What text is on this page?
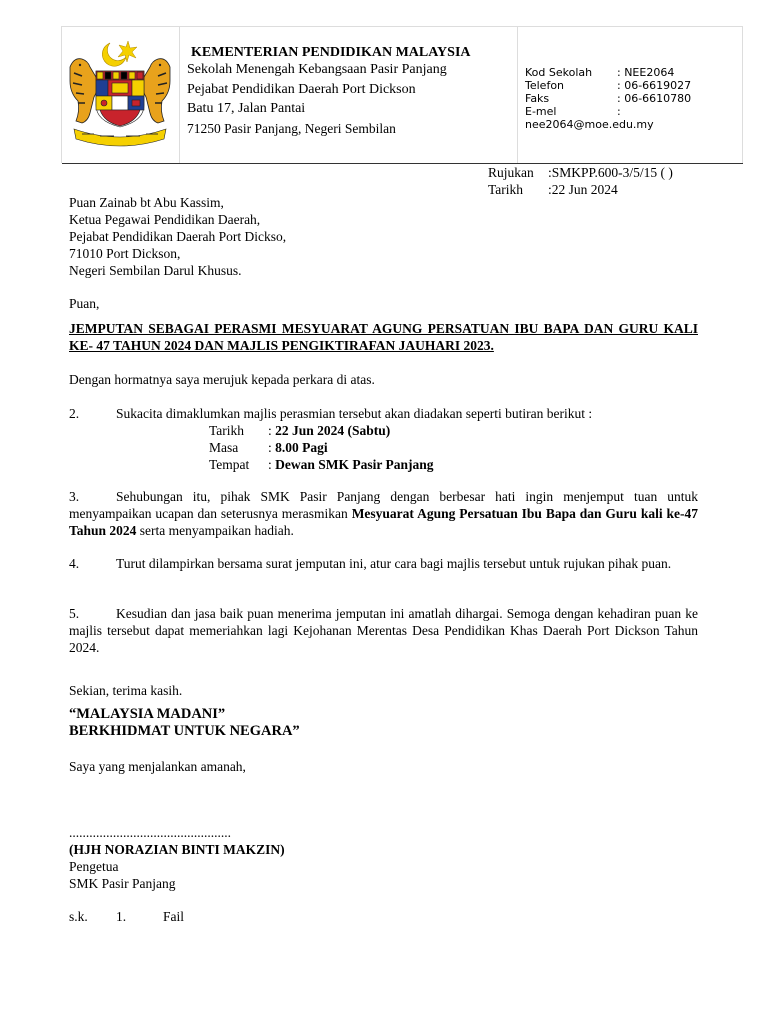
KEMENTERIAN PENDIDIKAN MALAYSIA
Sekolah Menengah Kebangsaan Pasir Panjang
Pejabat Pendidikan Daerah Port Dickson
Batu 17, Jalan Pantai
71250 Pasir Panjang, Negeri Sembilan
Kod Sekolah	: NEE2064
Telefon	: 06-6619027
Faks	: 06-6610780
E-mel	:
nee2064@moe.edu.my
Rujukan	:SMKPP.600-3/5/15 ( )
Tarikh	:22 Jun 2024
Puan Zainab bt Abu Kassim,
Ketua Pegawai Pendidikan Daerah,
Pejabat Pendidikan Daerah Port Dickso,
71010 Port Dickson,
Negeri Sembilan Darul Khusus.
Puan,
JEMPUTAN SEBAGAI PERASMI MESYUARAT AGUNG PERSATUAN IBU BAPA DAN GURU KALI KE- 47 TAHUN 2024 DAN MAJLIS PENGIKTIRAFAN JAUHARI 2023.
Dengan hormatnya saya merujuk kepada perkara di atas.
2.	Sukacita dimaklumkan majlis perasmian tersebut akan diadakan seperti butiran berikut :
Tarikh	: 22 Jun 2024 (Sabtu)
Masa	: 8.00 Pagi
Tempat	: Dewan SMK Pasir Panjang
3.	Sehubungan itu, pihak SMK Pasir Panjang dengan berbesar hati ingin menjemput tuan untuk menyampaikan ucapan dan seterusnya merasmikan Mesyuarat Agung Persatuan Ibu Bapa dan Guru kali ke-47 Tahun 2024 serta menyampaikan hadiah.
4.	Turut dilampirkan bersama surat jemputan ini, atur cara bagi majlis tersebut untuk rujukan pihak puan.
5.	Kesudian dan jasa baik puan menerima jemputan ini amatlah dihargai. Semoga dengan kehadiran puan ke majlis tersebut dapat memeriahkan lagi Kejohanan Merentas Desa Pendidikan Khas Daerah Port Dickson Tahun 2024.
Sekian, terima kasih.
“MALAYSIA MADANI”
BERKHIDMAT UNTUK NEGARA”
Saya yang menjalankan amanah,
................................................
(HJH NORAZIAN BINTI MAKZIN)
Pengetua
SMK Pasir Panjang
s.k.	1.	Fail
